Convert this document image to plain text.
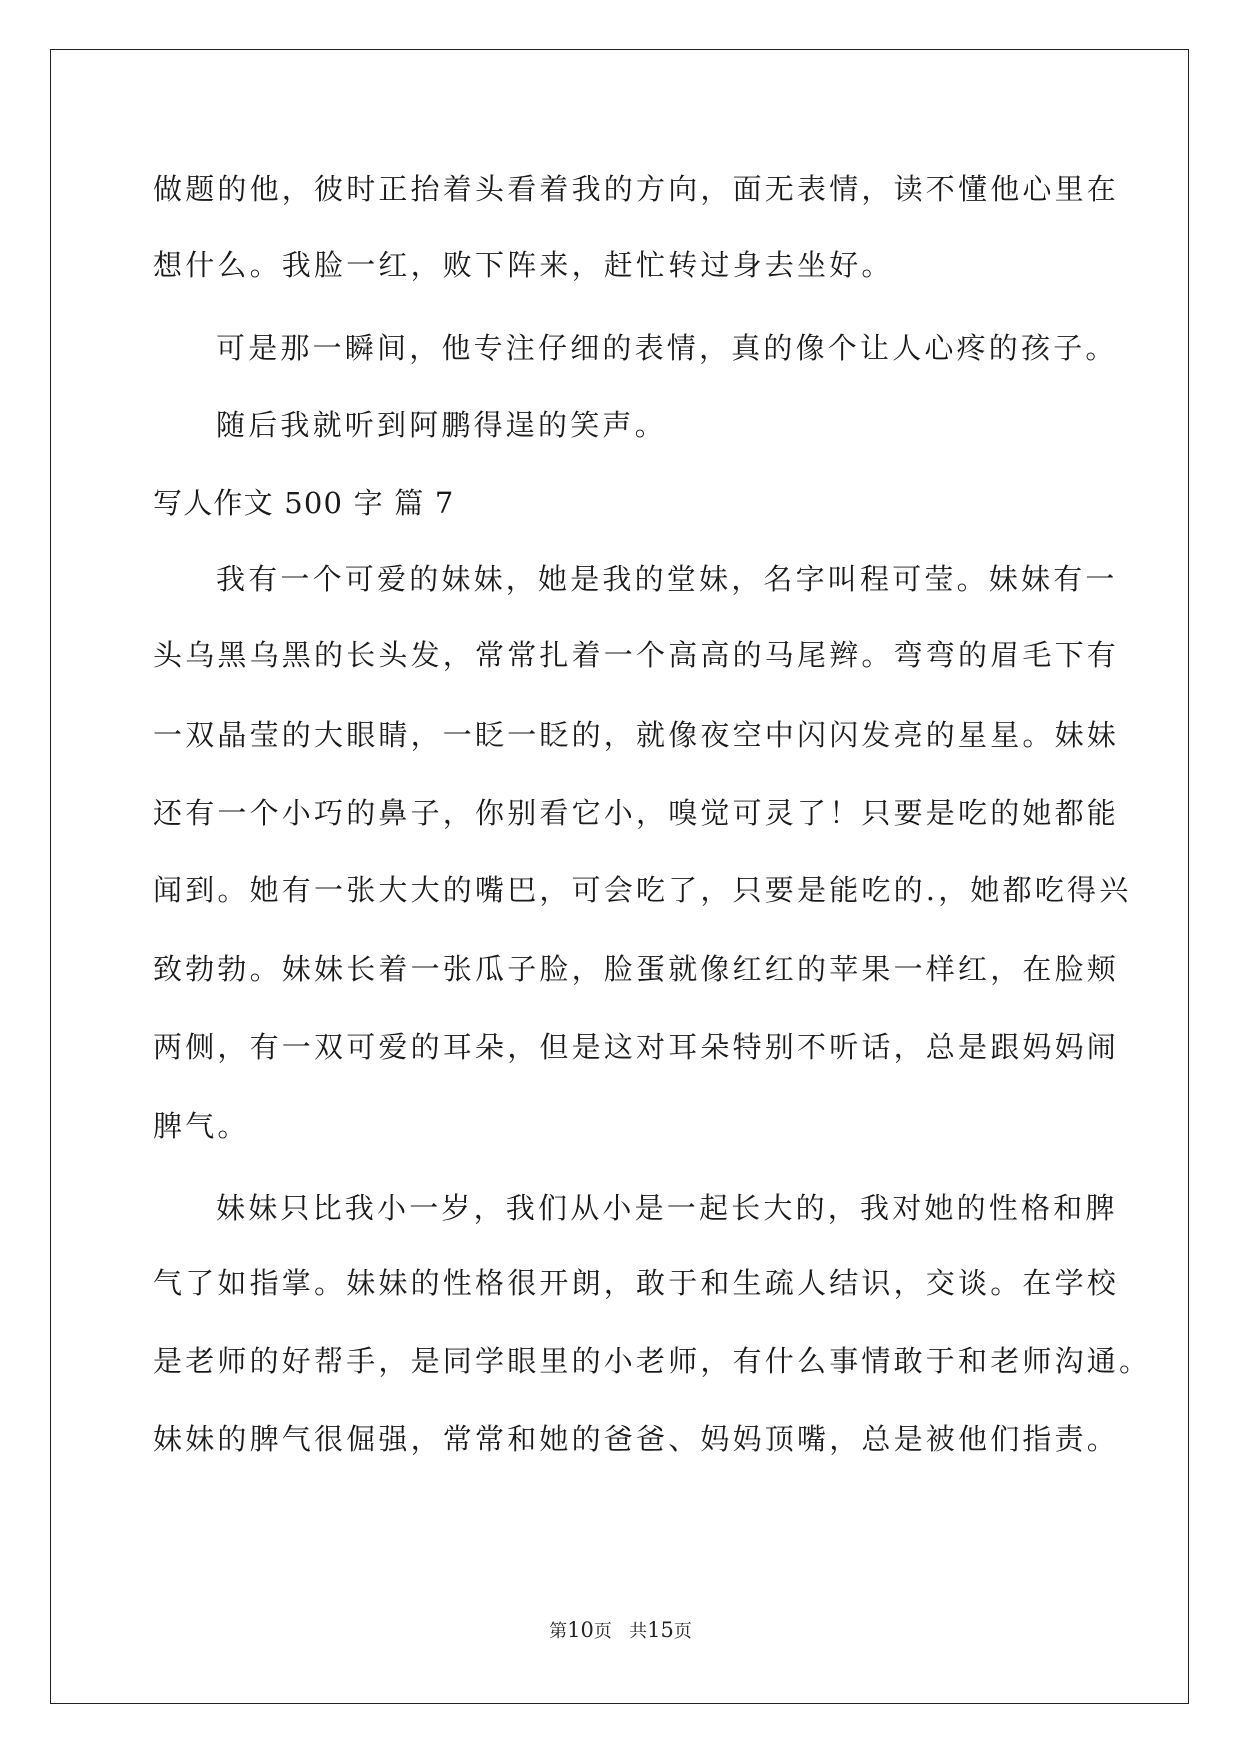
做题的他，彼时正抬着头看着我的方向，面无表情，读不懂他心里在

想什么。我脸一红，败下阵来，赶忙转过身去坐好。

可是那一瞬间，他专注仔细的表情，真的像个让人心疼的孩子。

随后我就听到阿鹏得逞的笑声。

写人作文 500 字 篇 7

我有一个可爱的妹妹，她是我的堂妹，名字叫程可莹。妹妹有一

头乌黑乌黑的长头发，常常扎着一个高高的马尾辫。弯弯的眉毛下有

一双晶莹的大眼睛，一眨一眨的，就像夜空中闪闪发亮的星星。妹妹

还有一个小巧的鼻子，你别看它小，嗅觉可灵了！只要是吃的她都能

闻到。她有一张大大的嘴巴，可会吃了，只要是能吃的.，她都吃得兴

致勃勃。妹妹长着一张瓜子脸，脸蛋就像红红的苹果一样红，在脸颊

两侧，有一双可爱的耳朵，但是这对耳朵特别不听话，总是跟妈妈闹

脾气。

妹妹只比我小一岁，我们从小是一起长大的，我对她的性格和脾

气了如指掌。妹妹的性格很开朗，敢于和生疏人结识，交谈。在学校

是老师的好帮手，是同学眼里的小老师，有什么事情敢于和老师沟通。

妹妹的脾气很倔强，常常和她的爸爸、妈妈顶嘴，总是被他们指责。

第10页   共15页
